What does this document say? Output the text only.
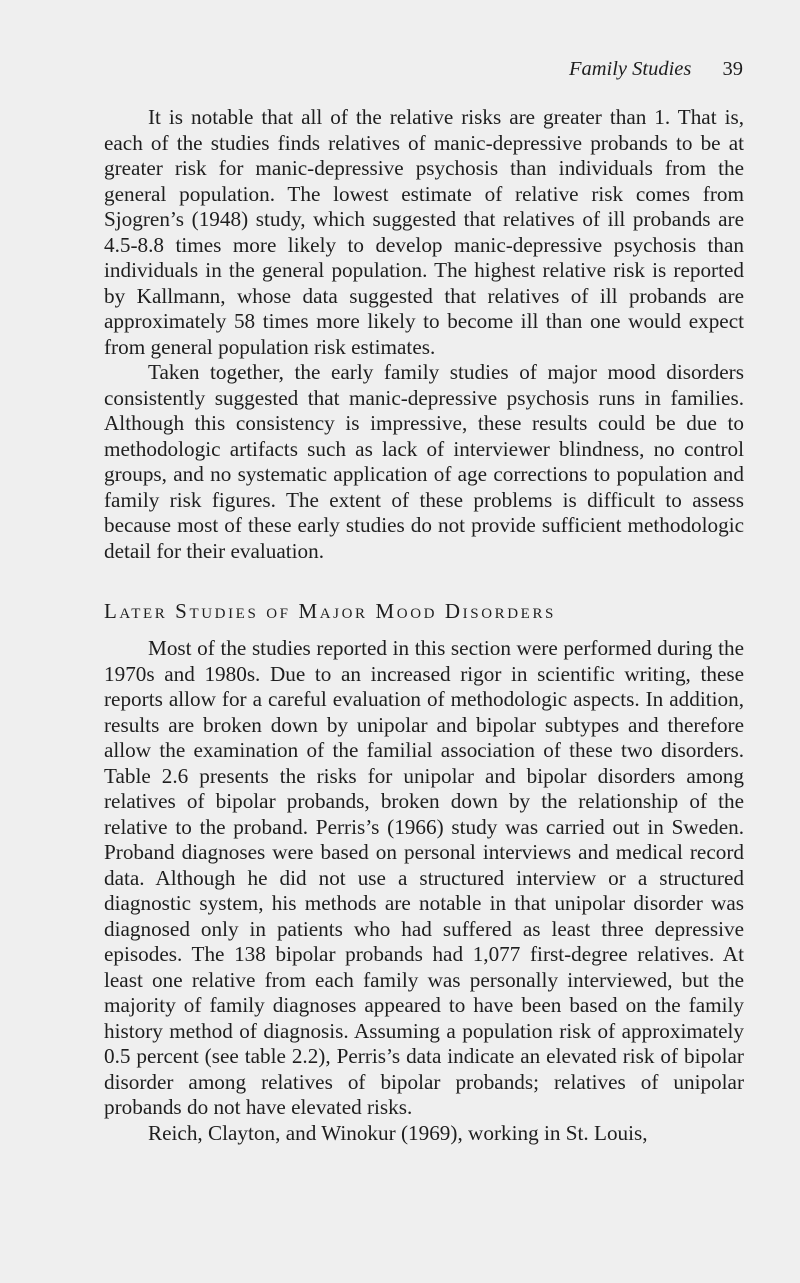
Family Studies 39

It is notable that all of the relative risks are greater than 1. That is, each of the studies finds relatives of manic-depressive probands to be at greater risk for manic-depressive psychosis than individuals from the general population. The lowest estimate of relative risk comes from Sjogren’s (1948) study, which suggested that relatives of ill probands are 4.5-8.8 times more likely to develop manic-depressive psychosis than individuals in the general population. The highest relative risk is reported by Kallmann, whose data suggested that relatives of ill probands are approximately 58 times more likely to become ill than one would expect from general population risk estimates.

Taken together, the early family studies of major mood disorders consistently suggested that manic-depressive psychosis runs in families. Although this consistency is impressive, these results could be due to methodologic artifacts such as lack of interviewer blindness, no control groups, and no systematic application of age corrections to population and family risk figures. The extent of these problems is difficult to assess because most of these early studies do not provide sufficient methodologic detail for their evaluation.

Later Studies of Major Mood Disorders

Most of the studies reported in this section were performed during the 1970s and 1980s. Due to an increased rigor in scientific writing, these reports allow for a careful evaluation of methodologic aspects. In addition, results are broken down by unipolar and bipolar subtypes and therefore allow the examination of the familial association of these two disorders. Table 2.6 presents the risks for unipolar and bipolar disorders among relatives of bipolar probands, broken down by the relationship of the relative to the proband. Perris’s (1966) study was carried out in Sweden. Proband diagnoses were based on personal interviews and medical record data. Although he did not use a structured interview or a structured diagnostic system, his methods are notable in that unipolar disorder was diagnosed only in patients who had suffered as least three depressive episodes. The 138 bipolar probands had 1,077 first-degree relatives. At least one relative from each family was personally interviewed, but the majority of family diagnoses appeared to have been based on the family history method of diagnosis. Assuming a population risk of approximately 0.5 percent (see table 2.2), Perris’s data indicate an elevated risk of bipolar disorder among relatives of bipolar probands; relatives of unipolar probands do not have elevated risks.

Reich, Clayton, and Winokur (1969), working in St. Louis,
